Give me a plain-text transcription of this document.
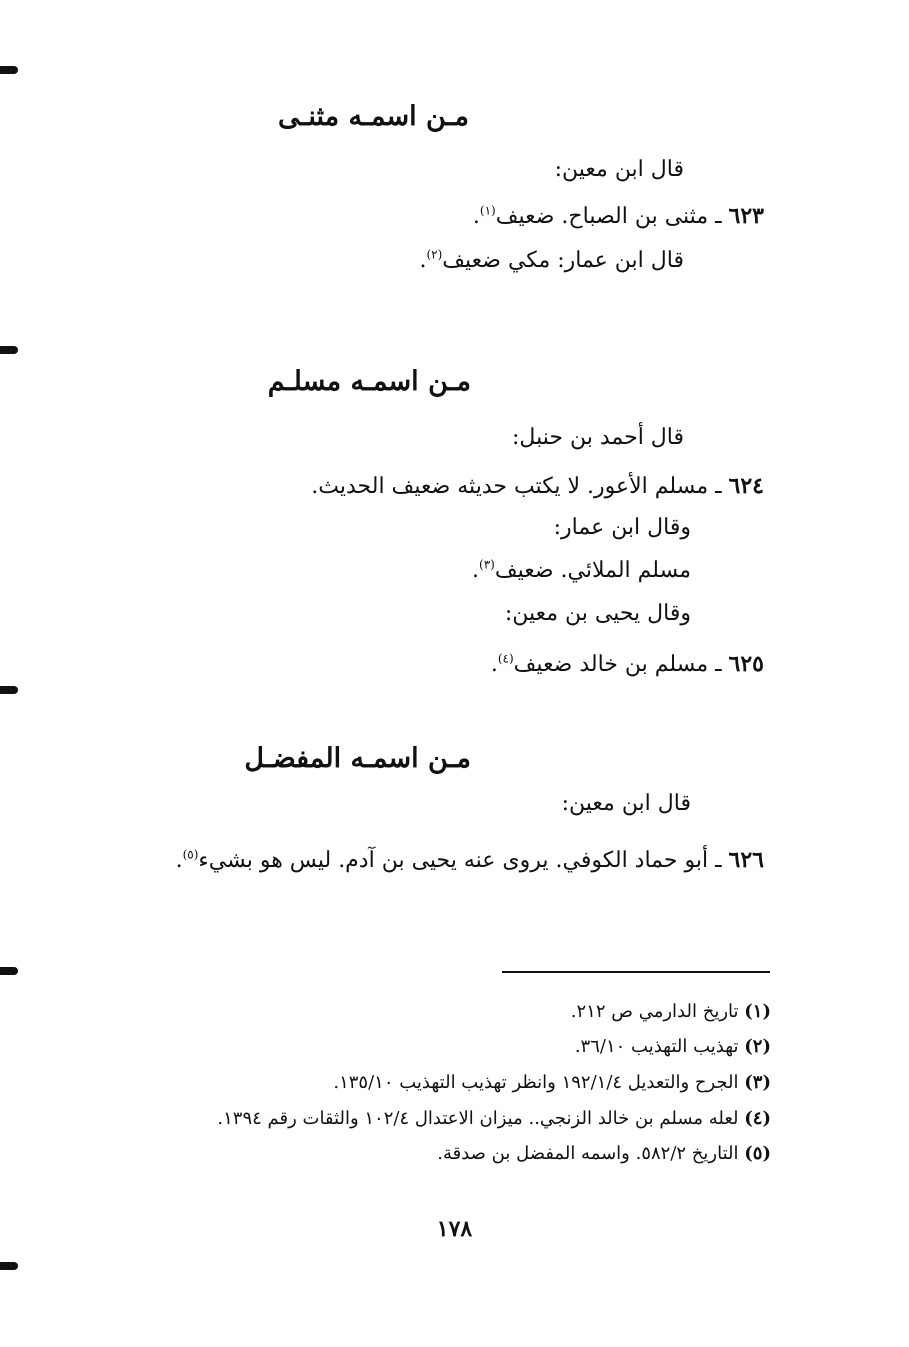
مـن اسمـه مثنـى
قال ابن معين:
٦٢٣ ـ مثنى بن الصباح. ضعيف$^{(١)}$.
قال ابن عمار: مكي ضعيف$^{(٢)}$.
مـن اسمـه مسلـم
قال أحمد بن حنبل:
٦٢٤ ـ مسلم الأعور. لا يكتب حديثه ضعيف الحديث.
وقال ابن عمار:
مسلم الملائي. ضعيف$^{(٣)}$.
وقال يحيى بن معين:
٦٢٥ ـ مسلم بن خالد ضعيف$^{(٤)}$.
مـن اسمـه المفضـل
قال ابن معين:
٦٢٦ ـ أبو حماد الكوفي. يروى عنه يحيى بن آدم. ليس هو بشيء$^{(٥)}$.
(١) تاريخ الدارمي ص ٢١٢.
(٢) تهذيب التهذيب ٣٦/١٠.
(٣) الجرح والتعديل ١٩٢/١/٤ وانظر تهذيب التهذيب ١٣٥/١٠.
(٤) لعله مسلم بن خالد الزنجي.. ميزان الاعتدال ١٠٢/٤ والثقات رقم ١٣٩٤.
(٥) التاريخ ٥٨٢/٢. واسمه المفضل بن صدقة.
١٧٨
